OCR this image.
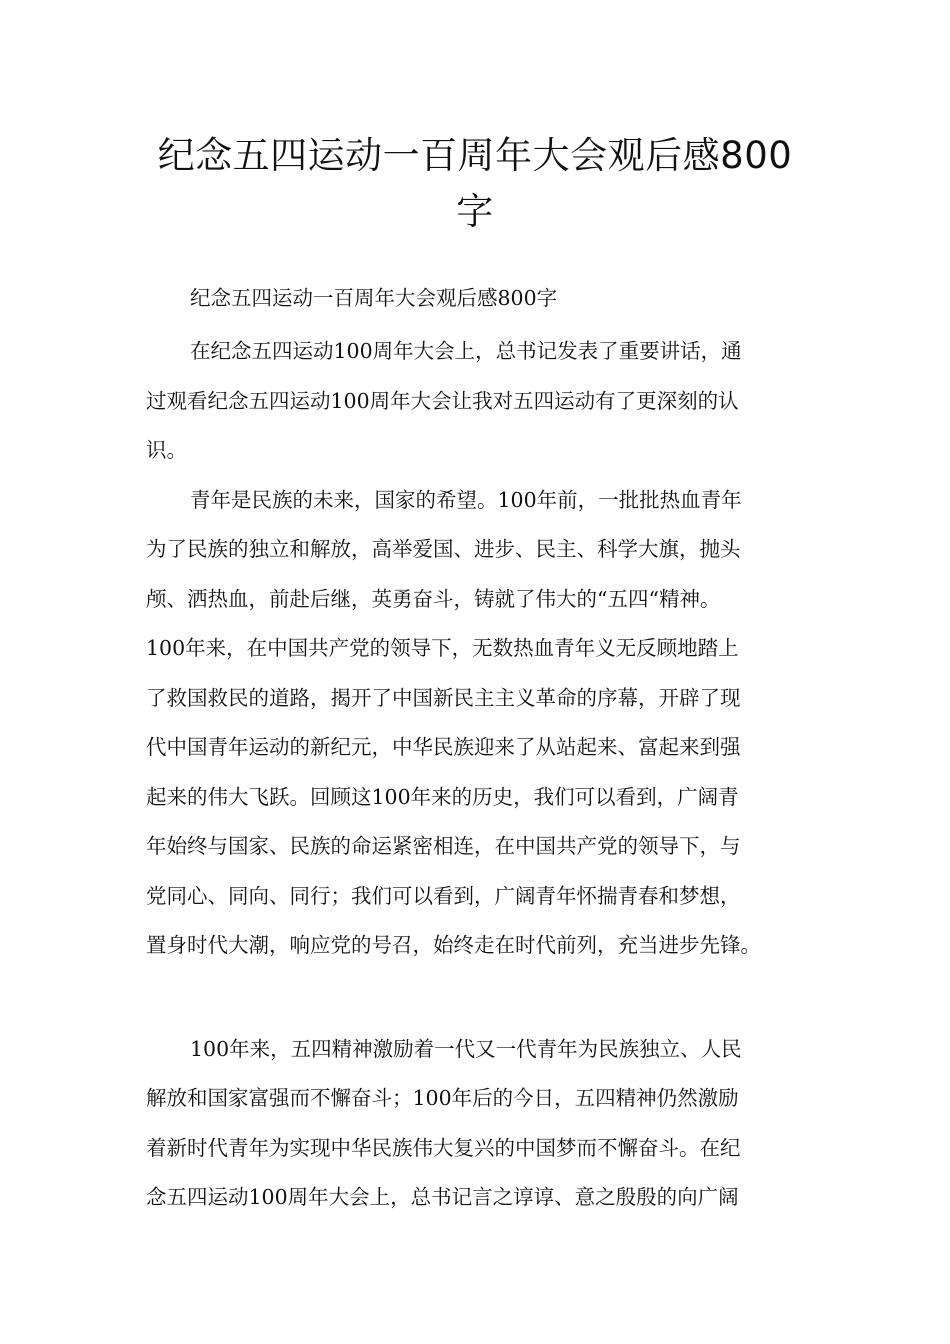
纪念五四运动一百周年大会观后感800
字

纪念五四运动一百周年大会观后感800字

在纪念五四运动100周年大会上，总书记发表了重要讲话，通

过观看纪念五四运动100周年大会让我对五四运动有了更深刻的认

识。

青年是民族的未来，国家的希望。100年前，一批批热血青年

为了民族的独立和解放，高举爱国、进步、民主、科学大旗，抛头

颅、洒热血，前赴后继，英勇奋斗，铸就了伟大的“五四“精神。

100年来，在中国共产党的领导下，无数热血青年义无反顾地踏上

了救国救民的道路，揭开了中国新民主主义革命的序幕，开辟了现

代中国青年运动的新纪元，中华民族迎来了从站起来、富起来到强

起来的伟大飞跃。回顾这100年来的历史，我们可以看到，广阔青

年始终与国家、民族的命运紧密相连，在中国共产党的领导下，与

党同心、同向、同行；我们可以看到，广阔青年怀揣青春和梦想，

置身时代大潮，响应党的号召，始终走在时代前列，充当进步先锋。

100年来，五四精神激励着一代又一代青年为民族独立、人民

解放和国家富强而不懈奋斗；100年后的今日，五四精神仍然激励

着新时代青年为实现中华民族伟大复兴的中国梦而不懈奋斗。在纪

念五四运动100周年大会上，总书记言之谆谆、意之殷殷的向广阔
